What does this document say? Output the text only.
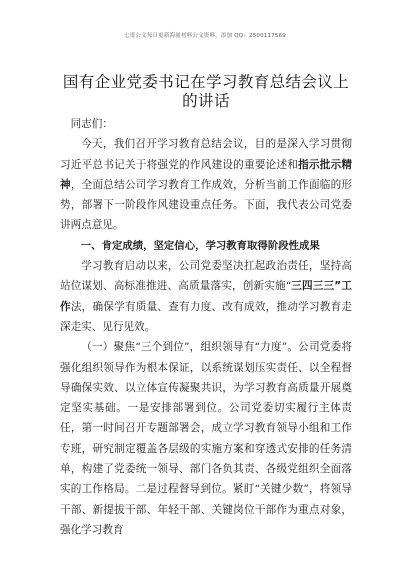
七哥公文每日更新海量材料公文资料，添加 QQ：2500117569
国有企业党委书记在学习教育总结会议上的讲话

同志们：

今天，我们召开学习教育总结会议，目的是深入学习贯彻习近平总书记关于将强党的作风建设的重要论述和指示批示精神，全面总结公司学习教育工作成效，分析当前工作面临的形势，部署下一阶段作风建设重点任务。下面，我代表公司党委讲两点意见。

一、肯定成绩，坚定信心，学习教育取得阶段性成果

学习教育启动以来，公司党委坚决扛起政治责任，坚持高站位谋划、高标准推进、高质量落实，创新实施“三四三三”工作法，确保学有质量、查有力度、改有成效，推动学习教育走深走实、见行见效。

（一）聚焦“三个到位”，组织领导有“力度”。公司党委将强化组织领导作为根本保证，以系统谋划压实责任、以全程督导确保实效、以立体宣传凝聚共识，为学习教育高质量开展奠定坚实基础。一是安排部署到位。公司党委切实履行主体责任，第一时间召开专题部署会，成立学习教育领导小组和工作专班，研究制定覆盖各层级的实施方案和穿透式安排的任务清单，构建了党委统一领导、部门各负其责、各级党组织全面落实的工作格局。二是过程督导到位。紧盯“关键少数”，将领导干部、新提拔干部、年轻干部、关键岗位干部作为重点对象，强化学习教育
